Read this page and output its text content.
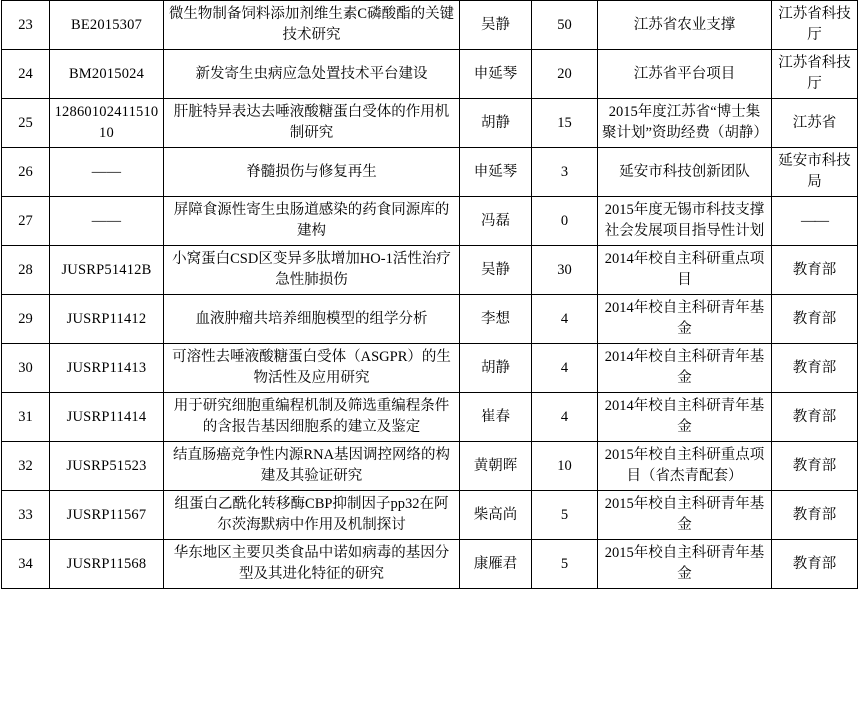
23	BE2015307	微生物制备饲料添加剂维生素C磷酸酯的关键技术研究	吴静	50	江苏省农业支撑	江苏省科技厅
24	BM2015024	新发寄生虫病应急处置技术平台建设	申延琴	20	江苏省平台项目	江苏省科技厅
25	1286010241151010	肝脏特异表达去唾液酸糖蛋白受体的作用机制研究	胡静	15	2015年度江苏省“博士集聚计划”资助经费（胡静）	江苏省
26	——	脊髓损伤与修复再生	申延琴	3	延安市科技创新团队	延安市科技局
27	——	屏障食源性寄生虫肠道感染的药食同源库的建构	冯磊	0	2015年度无锡市科技支撑社会发展项目指导性计划	——
28	JUSRP51412B	小窝蛋白CSD区变异多肽增加HO-1活性治疗急性肺损伤	吴静	30	2014年校自主科研重点项目	教育部
29	JUSRP11412	血液肿瘤共培养细胞模型的组学分析	李想	4	2014年校自主科研青年基金	教育部
30	JUSRP11413	可溶性去唾液酸糖蛋白受体（ASGPR）的生物活性及应用研究	胡静	4	2014年校自主科研青年基金	教育部
31	JUSRP11414	用于研究细胞重编程机制及筛选重编程条件的含报告基因细胞系的建立及鉴定	崔春	4	2014年校自主科研青年基金	教育部
32	JUSRP51523	结直肠癌竞争性内源RNA基因调控网络的构建及其验证研究	黄朝晖	10	2015年校自主科研重点项目（省杰青配套）	教育部
33	JUSRP11567	组蛋白乙酰化转移酶CBP抑制因子pp32在阿尔茨海默病中作用及机制探讨	柴高尚	5	2015年校自主科研青年基金	教育部
34	JUSRP11568	华东地区主要贝类食品中诺如病毒的基因分型及其进化特征的研究	康雁君	5	2015年校自主科研青年基金	教育部
